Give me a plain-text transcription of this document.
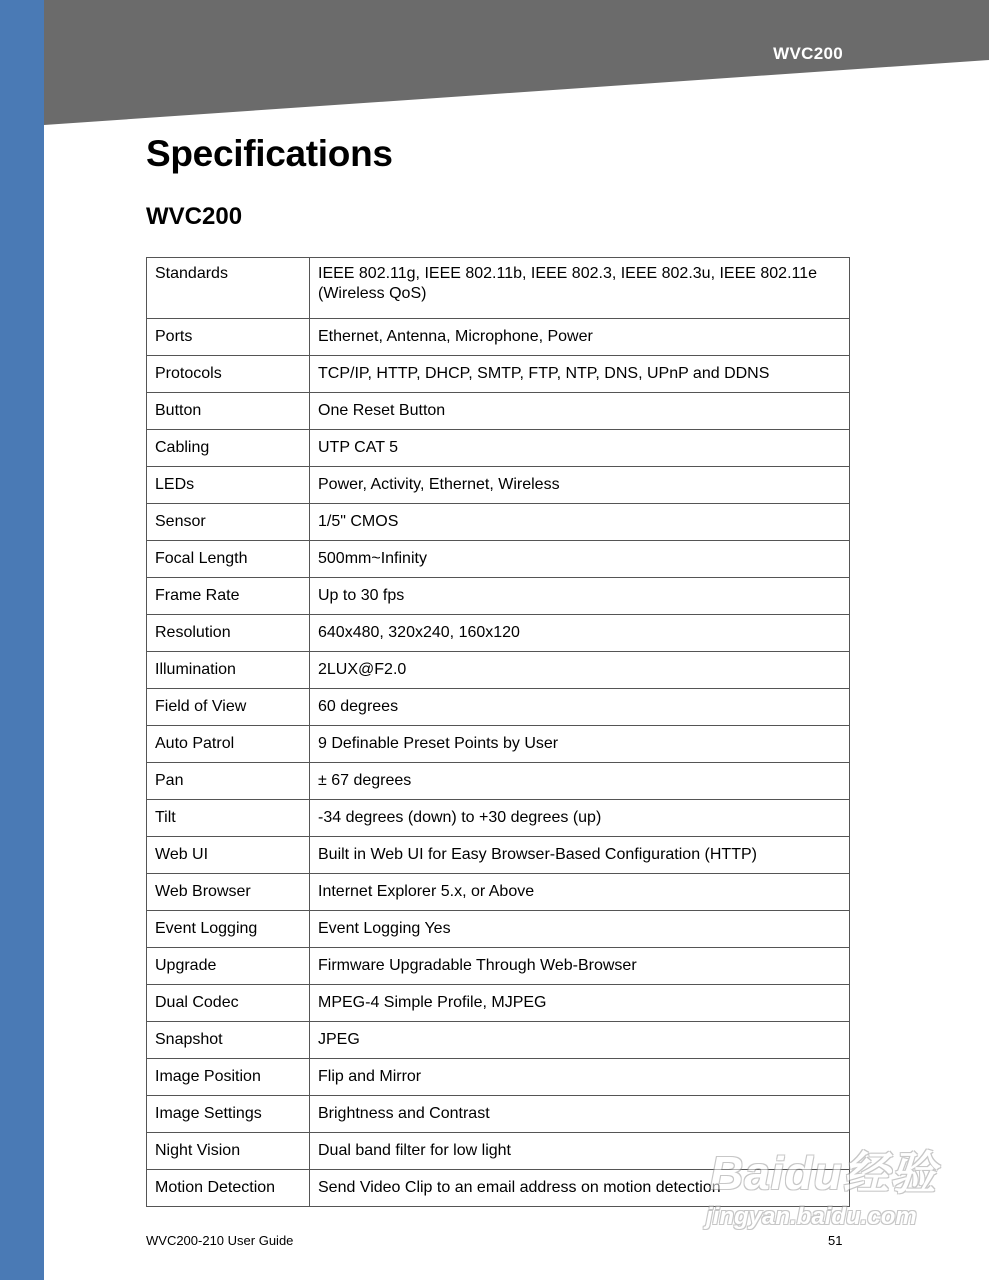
WVC200
Specifications
WVC200
Standards	IEEE 802.11g, IEEE 802.11b, IEEE 802.3, IEEE 802.3u, IEEE 802.11e (Wireless QoS)
Ports	Ethernet, Antenna, Microphone, Power
Protocols	TCP/IP, HTTP, DHCP, SMTP, FTP, NTP, DNS, UPnP and DDNS
Button	One Reset Button
Cabling	UTP CAT 5
LEDs	Power, Activity, Ethernet, Wireless
Sensor	1/5" CMOS
Focal Length	500mm~Infinity
Frame Rate	Up to 30 fps
Resolution	640x480, 320x240, 160x120
Illumination	2LUX@F2.0
Field of View	60 degrees
Auto Patrol	9 Definable Preset Points by User
Pan	± 67 degrees
Tilt	-34 degrees (down) to +30 degrees (up)
Web UI	Built in Web UI for Easy Browser-Based Configuration (HTTP)
Web Browser	Internet Explorer 5.x, or Above
Event Logging	Event Logging Yes
Upgrade	Firmware Upgradable Through Web-Browser
Dual Codec	MPEG-4 Simple Profile, MJPEG
Snapshot	JPEG
Image Position	Flip and Mirror
Image Settings	Brightness and Contrast
Night Vision	Dual band filter for low light
Motion Detection	Send Video Clip to an email address on motion detection
WVC200-210 User Guide	51
Baidu经验
jingyan.baidu.com
